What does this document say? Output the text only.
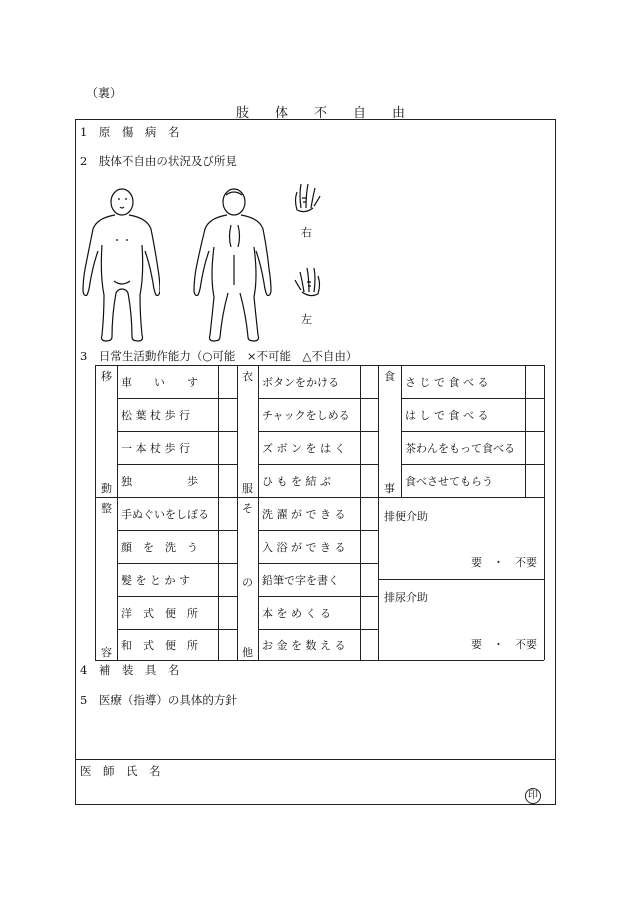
（裏）
肢　　体　　不　　自　　由
1　原　傷　病　名
2　肢体不自由の状況及び所見
右
左
3　日常生活動作能力（○可能　×不可能　△不自由）
移
動
整
容
衣
服
そ
の
他
食
事
車　　い　　す
松 葉 杖 歩 行
一 本 杖 歩 行
独　　　　　歩
手ぬぐいをしぼる
顔　を　洗　う
髪 を と か す
洋　式　便　所
和　式　便　所
ボタンをかける
チャックをしめる
ズ ボ ン を は く
ひ も を 結 ぶ
洗 濯 が で き る
入 浴 が で き る
鉛筆で字を書く
本 を め く る
お 金 を 数 え る
さ じ で 食 べ る
は し で 食 べ る
茶わんをもって食べる
食べさせてもらう
排便介助
要　・　不要
排尿介助
要　・　不要
4　補　装　具　名
5　医療（指導）の具体的方針
医　師　氏　名
印
